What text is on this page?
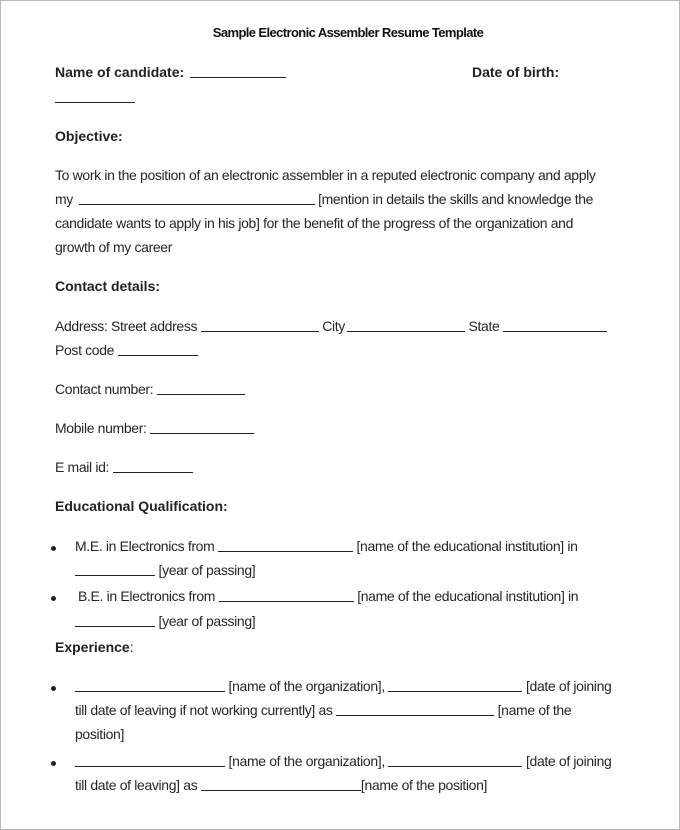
Sample Electronic Assembler Resume Template
Name of candidate:	Date of birth:
Objective:
To work in the position of an electronic assembler in a reputed electronic company and apply
my	[mention in details the skills and knowledge the
candidate wants to apply in his job] for the benefit of the progress of the organization and
growth of my career
Contact details:
Address: Street address	City	State
Post code
Contact number:
Mobile number:
E mail id:
Educational Qualification:
M.E. in Electronics from	[name of the educational institution] in
[year of passing]
B.E. in Electronics from	[name of the educational institution] in
[year of passing]
Experience:
[name of the organization],	[date of joining
till date of leaving if not working currently] as	[name of the
position]
[name of the organization],	[date of joining
till date of leaving] as	[name of the position]
